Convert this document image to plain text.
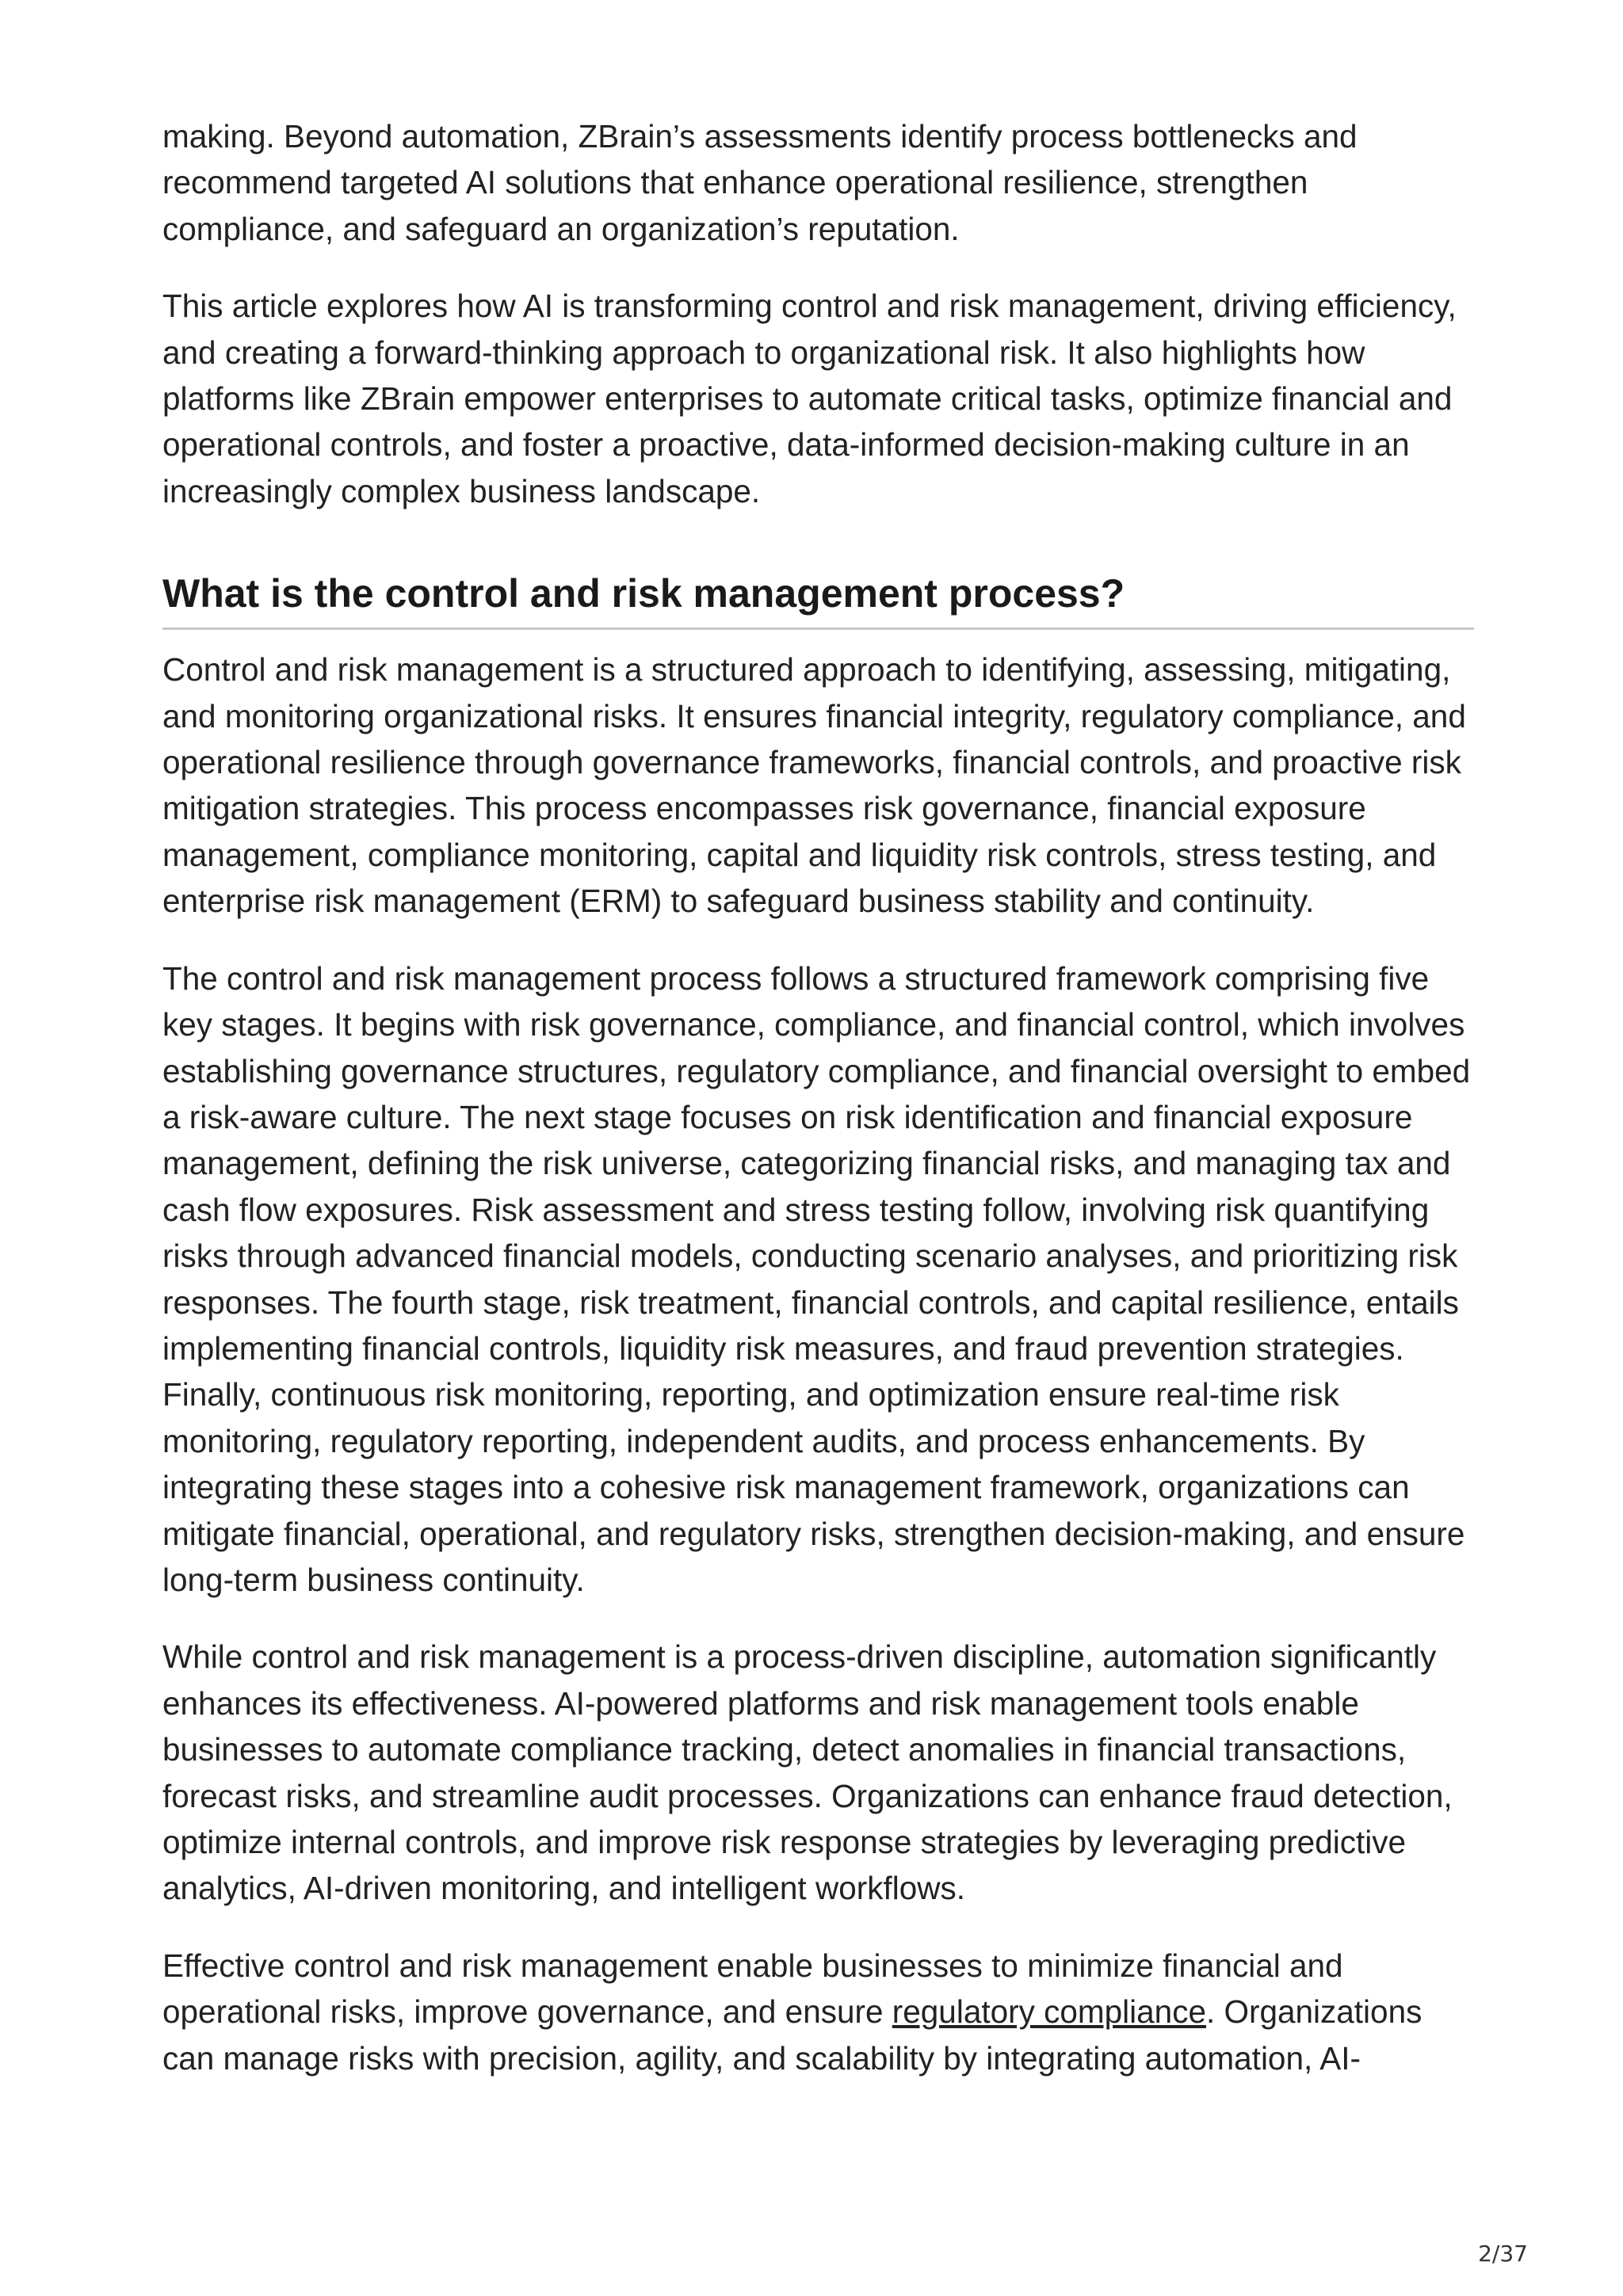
making. Beyond automation, ZBrain’s assessments identify process bottlenecks and recommend targeted AI solutions that enhance operational resilience, strengthen compliance, and safeguard an organization’s reputation.

This article explores how AI is transforming control and risk management, driving efficiency, and creating a forward-thinking approach to organizational risk. It also highlights how platforms like ZBrain empower enterprises to automate critical tasks, optimize financial and operational controls, and foster a proactive, data-informed decision-making culture in an increasingly complex business landscape.

What is the control and risk management process?

Control and risk management is a structured approach to identifying, assessing, mitigating, and monitoring organizational risks. It ensures financial integrity, regulatory compliance, and operational resilience through governance frameworks, financial controls, and proactive risk mitigation strategies. This process encompasses risk governance, financial exposure management, compliance monitoring, capital and liquidity risk controls, stress testing, and enterprise risk management (ERM) to safeguard business stability and continuity.

The control and risk management process follows a structured framework comprising five key stages. It begins with risk governance, compliance, and financial control, which involves establishing governance structures, regulatory compliance, and financial oversight to embed a risk-aware culture. The next stage focuses on risk identification and financial exposure management, defining the risk universe, categorizing financial risks, and managing tax and cash flow exposures. Risk assessment and stress testing follow, involving risk quantifying risks through advanced financial models, conducting scenario analyses, and prioritizing risk responses. The fourth stage, risk treatment, financial controls, and capital resilience, entails implementing financial controls, liquidity risk measures, and fraud prevention strategies. Finally, continuous risk monitoring, reporting, and optimization ensure real-time risk monitoring, regulatory reporting, independent audits, and process enhancements. By integrating these stages into a cohesive risk management framework, organizations can mitigate financial, operational, and regulatory risks, strengthen decision-making, and ensure long-term business continuity.

While control and risk management is a process-driven discipline, automation significantly enhances its effectiveness. AI-powered platforms and risk management tools enable businesses to automate compliance tracking, detect anomalies in financial transactions, forecast risks, and streamline audit processes. Organizations can enhance fraud detection, optimize internal controls, and improve risk response strategies by leveraging predictive analytics, AI-driven monitoring, and intelligent workflows.

Effective control and risk management enable businesses to minimize financial and operational risks, improve governance, and ensure regulatory compliance. Organizations can manage risks with precision, agility, and scalability by integrating automation, AI-

2/37
